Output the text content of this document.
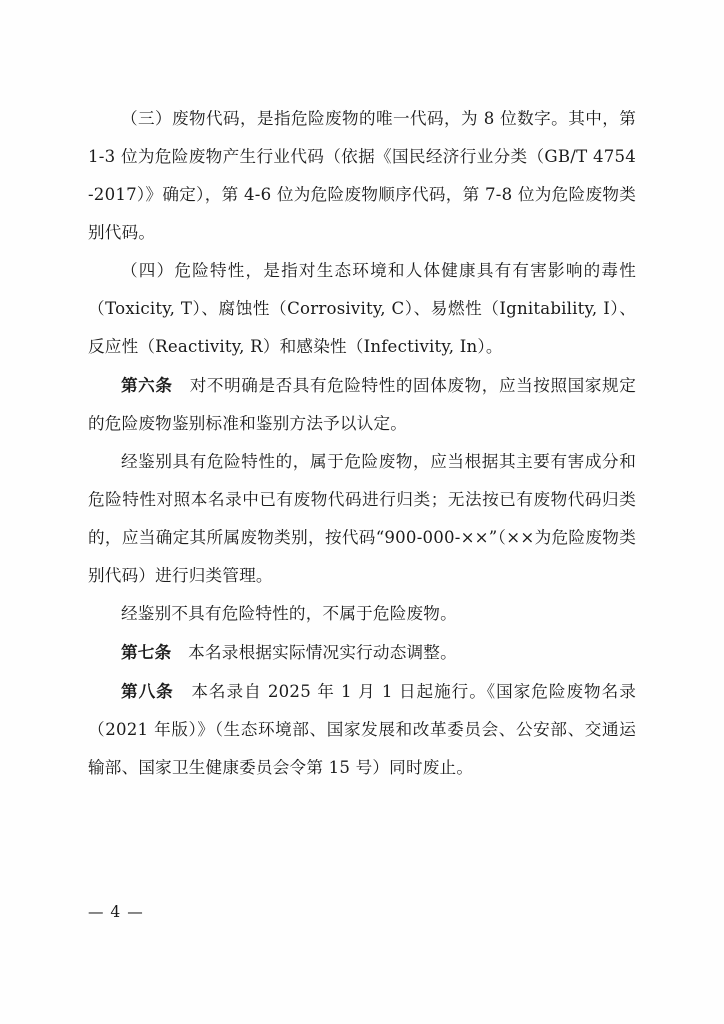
（三）废物代码，是指危险废物的唯一代码，为 8 位数字。其中，第 1-3 位为危险废物产生行业代码（依据《国民经济行业分类（GB/T 4754-2017）》确定），第 4-6 位为危险废物顺序代码，第 7-8 位为危险废物类别代码。

（四）危险特性，是指对生态环境和人体健康具有有害影响的毒性（Toxicity, T）、腐蚀性（Corrosivity, C）、易燃性（Ignitability, I）、反应性（Reactivity, R）和感染性（Infectivity, In）。

第六条　对不明确是否具有危险特性的固体废物，应当按照国家规定的危险废物鉴别标准和鉴别方法予以认定。

经鉴别具有危险特性的，属于危险废物，应当根据其主要有害成分和危险特性对照本名录中已有废物代码进行归类；无法按已有废物代码归类的，应当确定其所属废物类别，按代码“900-000-××”（××为危险废物类别代码）进行归类管理。

经鉴别不具有危险特性的，不属于危险废物。

第七条　本名录根据实际情况实行动态调整。

第八条　本名录自 2025 年 1 月 1 日起施行。《国家危险废物名录（2021 年版）》（生态环境部、国家发展和改革委员会、公安部、交通运输部、国家卫生健康委员会令第 15 号）同时废止。

— 4 —
